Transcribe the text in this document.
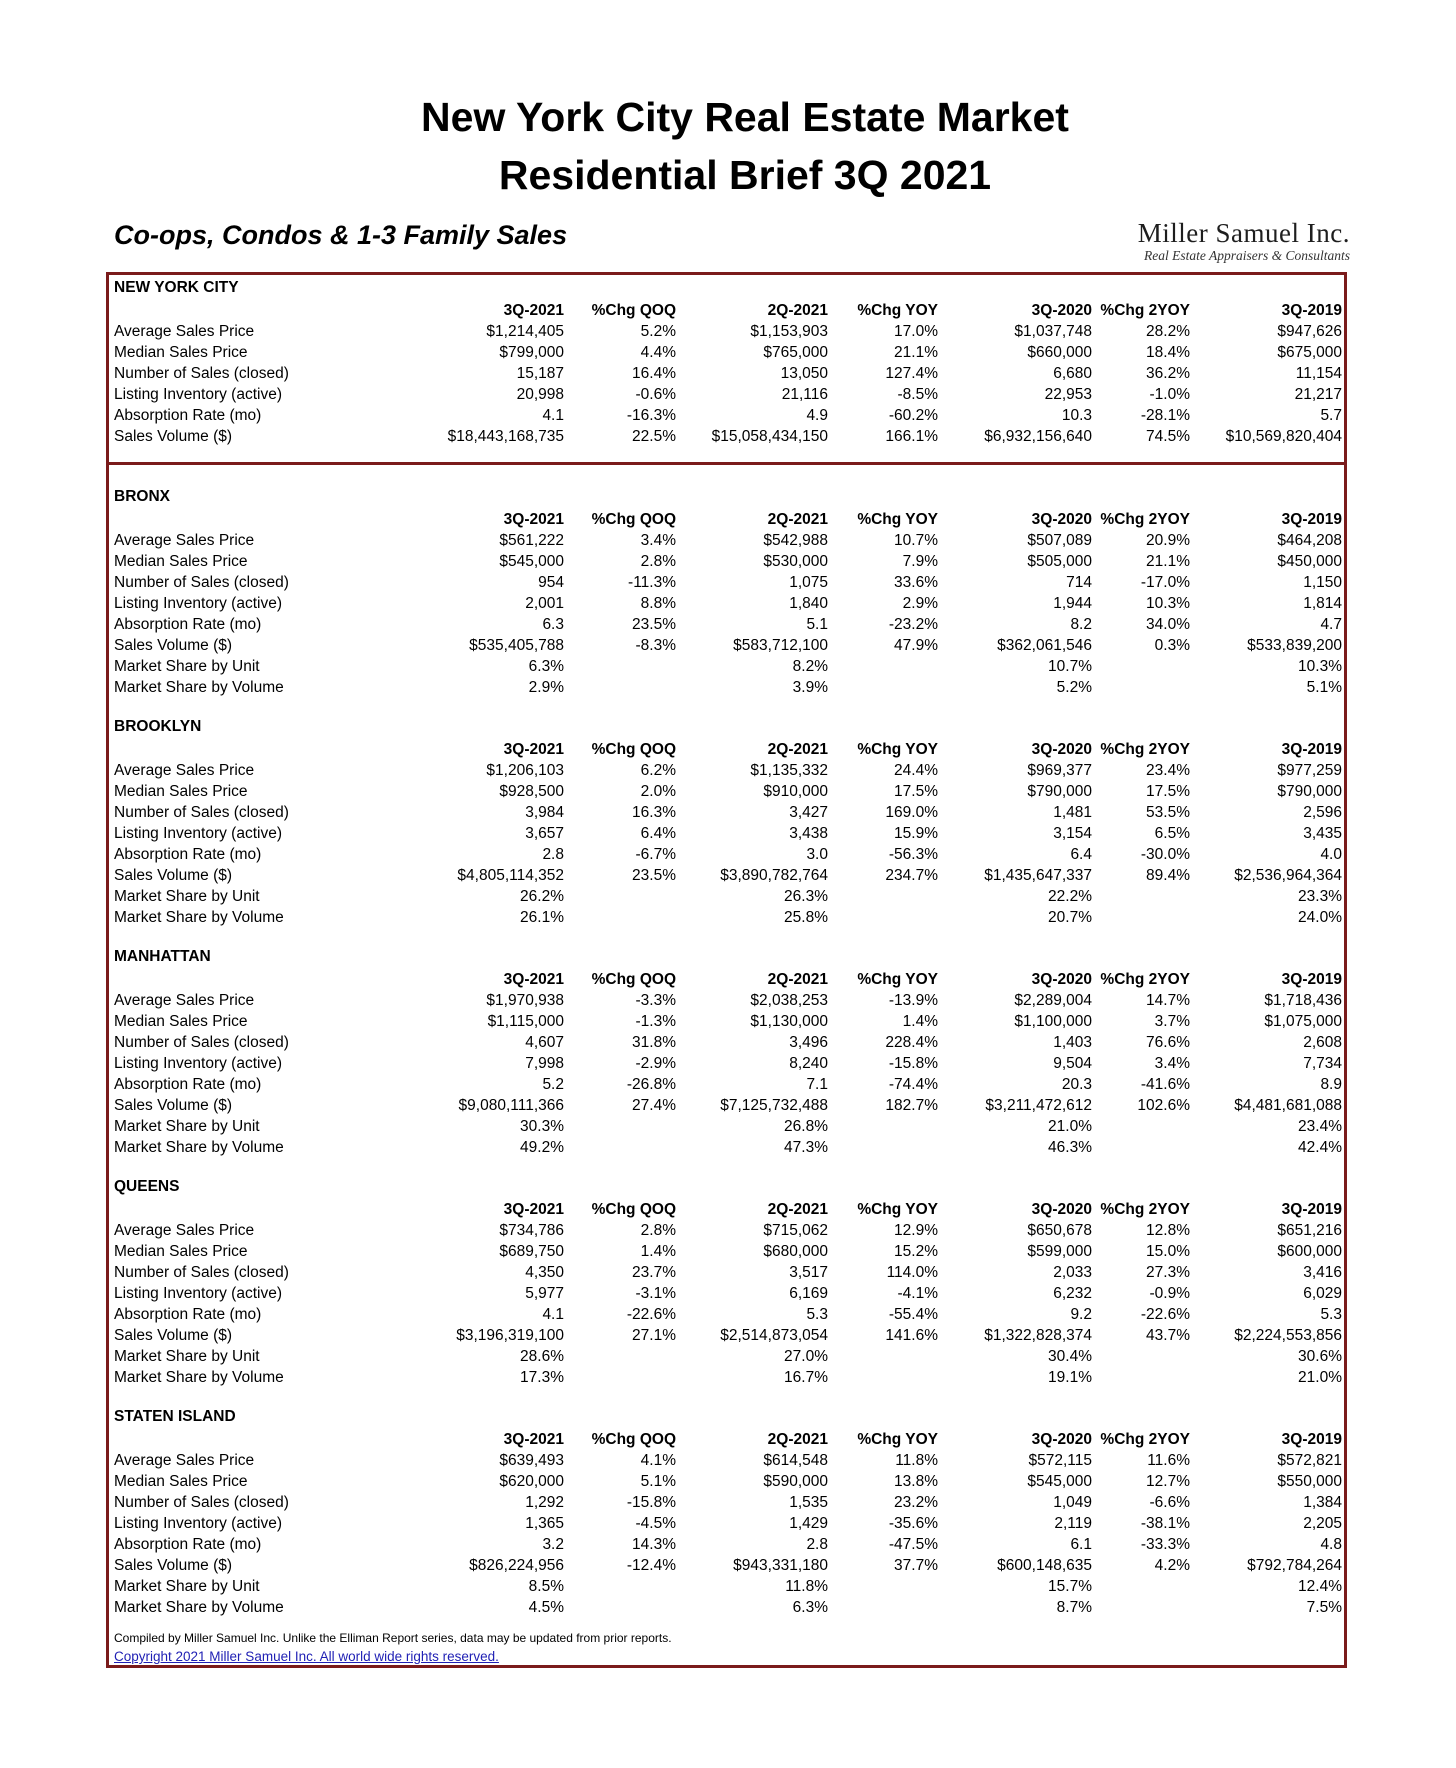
New York City Real Estate Market
Residential Brief 3Q 2021
Co-ops, Condos & 1-3 Family Sales	Miller Samuel Inc.
Real Estate Appraisers & Consultants
Compiled by Miller Samuel Inc. Unlike the Elliman Report series, data may be updated from prior reports.
Copyright 2021 Miller Samuel Inc. All world wide rights reserved.
NEW YORK CITY
3Q-2021 %Chg QOQ	2Q-2021 %Chg YOY	3Q-2020 %Chg 2YOY	3Q-2019
Average Sales Price	$1,214,405	5.2%	$1,153,903	17.0%	$1,037,748	28.2%	$947,626
Median Sales Price	$799,000	4.4%	$765,000	21.1%	$660,000	18.4%	$675,000
Number of Sales (closed)	15,187	16.4%	13,050	127.4%	6,680	36.2%	11,154
Listing Inventory (active)	20,998	-0.6%	21,116	-8.5%	22,953	-1.0%	21,217
Absorption Rate (mo)	4.1	-16.3%	4.9	-60.2%	10.3	-28.1%	5.7
Sales Volume ($)	$18,443,168,735	22.5% $15,058,434,150	166.1%	$6,932,156,640	74.5% $10,569,820,404
BRONX
3Q-2021 %Chg QOQ	2Q-2021 %Chg YOY	3Q-2020 %Chg 2YOY	3Q-2019
Average Sales Price	$561,222	3.4%	$542,988	10.7%	$507,089	20.9%	$464,208
Median Sales Price	$545,000	2.8%	$530,000	7.9%	$505,000	21.1%	$450,000
Number of Sales (closed)	954	-11.3%	1,075	33.6%	714	-17.0%	1,150
Listing Inventory (active)	2,001	8.8%	1,840	2.9%	1,944	10.3%	1,814
Absorption Rate (mo)	6.3	23.5%	5.1	-23.2%	8.2	34.0%	4.7
Sales Volume ($)	$535,405,788	-8.3%	$583,712,100	47.9%	$362,061,546	0.3%	$533,839,200
Market Share by Unit	6.3%	8.2%	10.7%	10.3%
Market Share by Volume	2.9%	3.9%	5.2%	5.1%
BROOKLYN
3Q-2021 %Chg QOQ	2Q-2021 %Chg YOY	3Q-2020 %Chg 2YOY	3Q-2019
Average Sales Price	$1,206,103	6.2%	$1,135,332	24.4%	$969,377	23.4%	$977,259
Median Sales Price	$928,500	2.0%	$910,000	17.5%	$790,000	17.5%	$790,000
Number of Sales (closed)	3,984	16.3%	3,427	169.0%	1,481	53.5%	2,596
Listing Inventory (active)	3,657	6.4%	3,438	15.9%	3,154	6.5%	3,435
Absorption Rate (mo)	2.8	-6.7%	3.0	-56.3%	6.4	-30.0%	4.0
Sales Volume ($)	$4,805,114,352	23.5%	$3,890,782,764	234.7%	$1,435,647,337	89.4%	$2,536,964,364
Market Share by Unit	26.2%	26.3%	22.2%	23.3%
Market Share by Volume	26.1%	25.8%	20.7%	24.0%
MANHATTAN
3Q-2021 %Chg QOQ	2Q-2021 %Chg YOY	3Q-2020 %Chg 2YOY	3Q-2019
Average Sales Price	$1,970,938	-3.3%	$2,038,253	-13.9%	$2,289,004	14.7%	$1,718,436
Median Sales Price	$1,115,000	-1.3%	$1,130,000	1.4%	$1,100,000	3.7%	$1,075,000
Number of Sales (closed)	4,607	31.8%	3,496	228.4%	1,403	76.6%	2,608
Listing Inventory (active)	7,998	-2.9%	8,240	-15.8%	9,504	3.4%	7,734
Absorption Rate (mo)	5.2	-26.8%	7.1	-74.4%	20.3	-41.6%	8.9
Sales Volume ($)	$9,080,111,366	27.4%	$7,125,732,488	182.7%	$3,211,472,612	102.6%	$4,481,681,088
Market Share by Unit	30.3%	26.8%	21.0%	23.4%
Market Share by Volume	49.2%	47.3%	46.3%	42.4%
QUEENS
3Q-2021 %Chg QOQ	2Q-2021 %Chg YOY	3Q-2020 %Chg 2YOY	3Q-2019
Average Sales Price	$734,786	2.8%	$715,062	12.9%	$650,678	12.8%	$651,216
Median Sales Price	$689,750	1.4%	$680,000	15.2%	$599,000	15.0%	$600,000
Number of Sales (closed)	4,350	23.7%	3,517	114.0%	2,033	27.3%	3,416
Listing Inventory (active)	5,977	-3.1%	6,169	-4.1%	6,232	-0.9%	6,029
Absorption Rate (mo)	4.1	-22.6%	5.3	-55.4%	9.2	-22.6%	5.3
Sales Volume ($)	$3,196,319,100	27.1%	$2,514,873,054	141.6%	$1,322,828,374	43.7%	$2,224,553,856
Market Share by Unit	28.6%	27.0%	30.4%	30.6%
Market Share by Volume	17.3%	16.7%	19.1%	21.0%
STATEN ISLAND
3Q-2021 %Chg QOQ	2Q-2021 %Chg YOY	3Q-2020 %Chg 2YOY	3Q-2019
Average Sales Price	$639,493	4.1%	$614,548	11.8%	$572,115	11.6%	$572,821
Median Sales Price	$620,000	5.1%	$590,000	13.8%	$545,000	12.7%	$550,000
Number of Sales (closed)	1,292	-15.8%	1,535	23.2%	1,049	-6.6%	1,384
Listing Inventory (active)	1,365	-4.5%	1,429	-35.6%	2,119	-38.1%	2,205
Absorption Rate (mo)	3.2	14.3%	2.8	-47.5%	6.1	-33.3%	4.8
Sales Volume ($)	$826,224,956	-12.4%	$943,331,180	37.7%	$600,148,635	4.2%	$792,784,264
Market Share by Unit	8.5%	11.8%	15.7%	12.4%
Market Share by Volume	4.5%	6.3%	8.7%	7.5%
